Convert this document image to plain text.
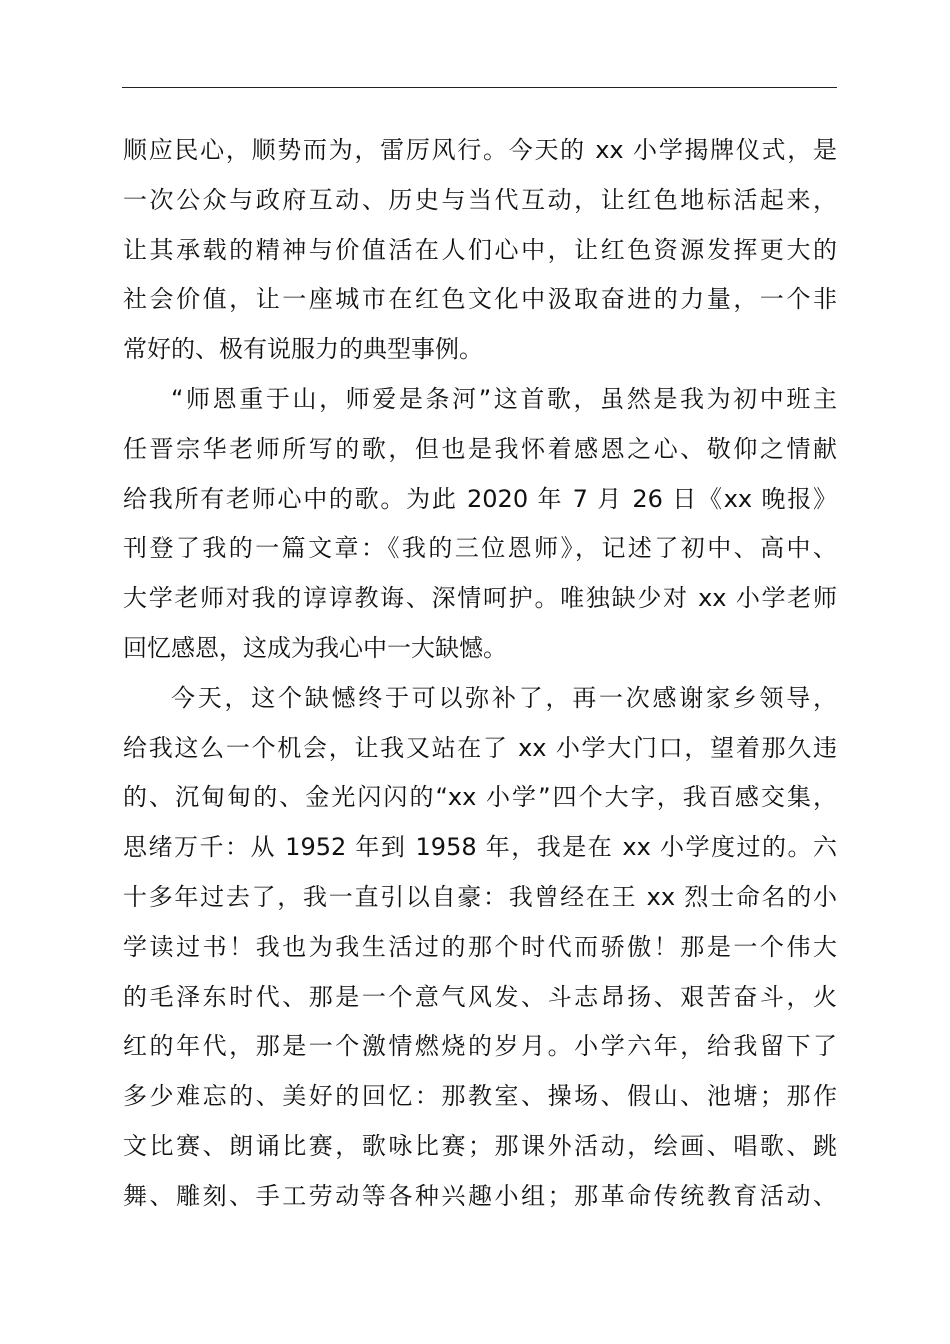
顺应民心，顺势而为，雷厉风行。今天的 xx 小学揭牌仪式，是
一次公众与政府互动、历史与当代互动，让红色地标活起来，
让其承载的精神与价值活在人们心中，让红色资源发挥更大的
社会价值，让一座城市在红色文化中汲取奋进的力量，一个非
常好的、极有说服力的典型事例。
“师恩重于山，师爱是条河”这首歌，虽然是我为初中班主
任晋宗华老师所写的歌，但也是我怀着感恩之心、敬仰之情献
给我所有老师心中的歌。为此 2020 年 7 月 26 日《xx 晚报》
刊登了我的一篇文章：《我的三位恩师》，记述了初中、高中、
大学老师对我的谆谆教诲、深情呵护。唯独缺少对 xx 小学老师
回忆感恩，这成为我心中一大缺憾。
今天，这个缺憾终于可以弥补了，再一次感谢家乡领导，
给我这么一个机会，让我又站在了 xx 小学大门口，望着那久违
的、沉甸甸的、金光闪闪的“xx 小学”四个大字，我百感交集，
思绪万千：从 1952 年到 1958 年，我是在 xx 小学度过的。六
十多年过去了，我一直引以自豪：我曾经在王 xx 烈士命名的小
学读过书！我也为我生活过的那个时代而骄傲！那是一个伟大
的毛泽东时代、那是一个意气风发、斗志昂扬、艰苦奋斗，火
红的年代，那是一个激情燃烧的岁月。小学六年，给我留下了
多少难忘的、美好的回忆：那教室、操场、假山、池塘；那作
文比赛、朗诵比赛，歌咏比赛；那课外活动，绘画、唱歌、跳
舞、雕刻、手工劳动等各种兴趣小组；那革命传统教育活动、
